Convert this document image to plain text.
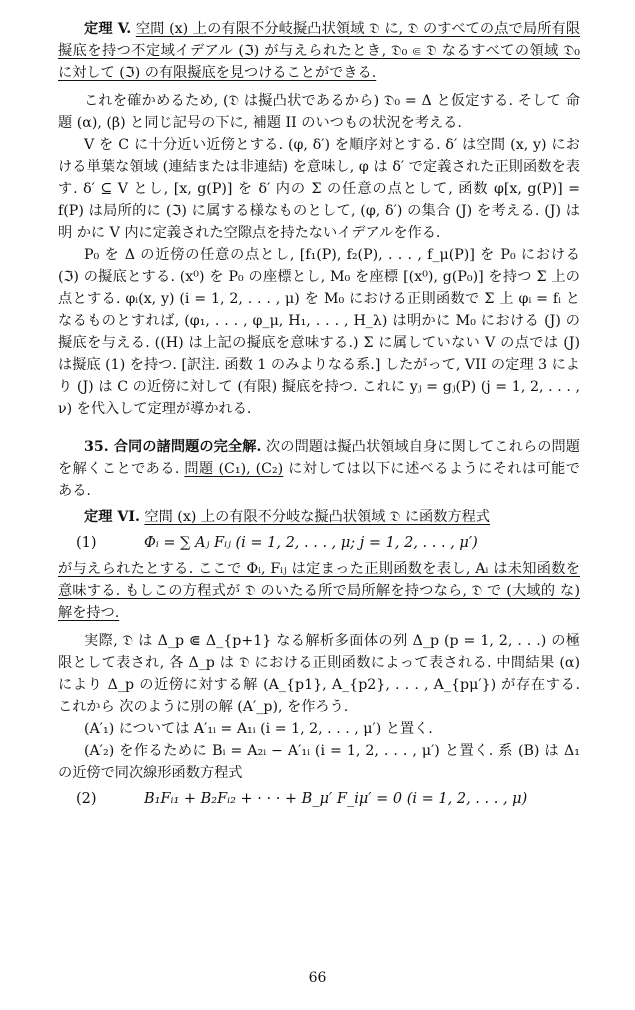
定理 V. 空間 (x) 上の有限不分岐擬凸状領域 𝔇 に, 𝔇 のすべての点で局所有限擬底を持つ不定域イデアル (ℑ) が与えられたとき, 𝔇₀ ⋐ 𝔇 なるすべての領域 𝔇₀ に対して (ℑ) の有限擬底を見つけることができる.

これを確かめるため, (𝔇 は擬凸状であるから) 𝔇₀ = Δ と仮定する. そして 命題 (α), (β) と同じ記号の下に, 補題 II のいつもの状況を考える.

V を C に十分近い近傍とする. (φ, δ′) を順序対とする. δ′ は空間 (x, y) における単葉な領域 (連結または非連結) を意味し, φ は δ′ で定義された正則函数を表す. δ′ ⊆ V とし, [x, g(P)] を δ′ 内の Σ の任意の点として, 函数 φ[x, g(P)] = f(P) は局所的に (ℑ) に属する様なものとして, (φ, δ′) の集合 (J) を考える. (J) は 明 かに V 内に定義された空隙点を持たないイデアルを作る.

P₀ を Δ の近傍の任意の点とし, [f₁(P), f₂(P), . . . , f_μ(P)] を P₀ における (ℑ) の擬底とする. (x⁰) を P₀ の座標とし, M₀ を座標 [(x⁰), g(P₀)] を持つ Σ 上の点とする. φᵢ(x, y) (i = 1, 2, . . . , μ) を M₀ における正則函数で Σ 上 φᵢ = fᵢ となるものとすれば, (φ₁, . . . , φ_μ, H₁, . . . , H_λ) は明かに M₀ における (J) の擬底を与える. ((H) は上記の擬底を意味する.) Σ に属していない V の点では (J) は擬底 (1) を持つ. [訳注. 函数 1 のみよりなる系.] したがって, VII の定理 3 により (J) は C の近傍に対して (有限) 擬底を持つ. これに yⱼ = gⱼ(P) (j = 1, 2, . . . , ν) を代入して定理が導かれる.

35. 合同の諸問題の完全解. 次の問題は擬凸状領域自身に関してこれらの問題を解くことである. 問題 (C₁), (C₂) に対しては以下に述べるようにそれは可能である.

定理 VI. 空間 (x) 上の有限不分岐な擬凸状領域 𝔇 に函数方程式

(1)	Φᵢ = ∑ Aⱼ Fᵢⱼ (i = 1, 2, . . . , μ; j = 1, 2, . . . , μ′)

が与えられたとする. ここで Φᵢ, Fᵢⱼ は定まった正則函数を表し, Aᵢ は未知函数を意味する. もしこの方程式が 𝔇 のいたる所で局所解を持つなら, 𝔇 で (大域的 な) 解を持つ.

実際, 𝔇 は Δ_p ⋐ Δ_{p+1} なる解析多面体の列 Δ_p (p = 1, 2, . . .) の極限として表され, 各 Δ_p は 𝔇 における正則函数によって表される. 中間結果 (α) により Δ_p の近傍に対する解 (A_{p1}, A_{p2}, . . . , A_{pμ′}) が存在する. これから 次のように別の解 (A′_p), を作ろう.

(A′₁) については A′₁ᵢ = A₁ᵢ (i = 1, 2, . . . , μ′) と置く.

(A′₂) を作るために Bᵢ = A₂ᵢ − A′₁ᵢ (i = 1, 2, . . . , μ′) と置く. 系 (B) は Δ₁ の近傍で同次線形函数方程式

(2)	B₁Fᵢ₁ + B₂Fᵢ₂ + · · · + B_μ′ F_iμ′ = 0 (i = 1, 2, . . . , μ)
66
